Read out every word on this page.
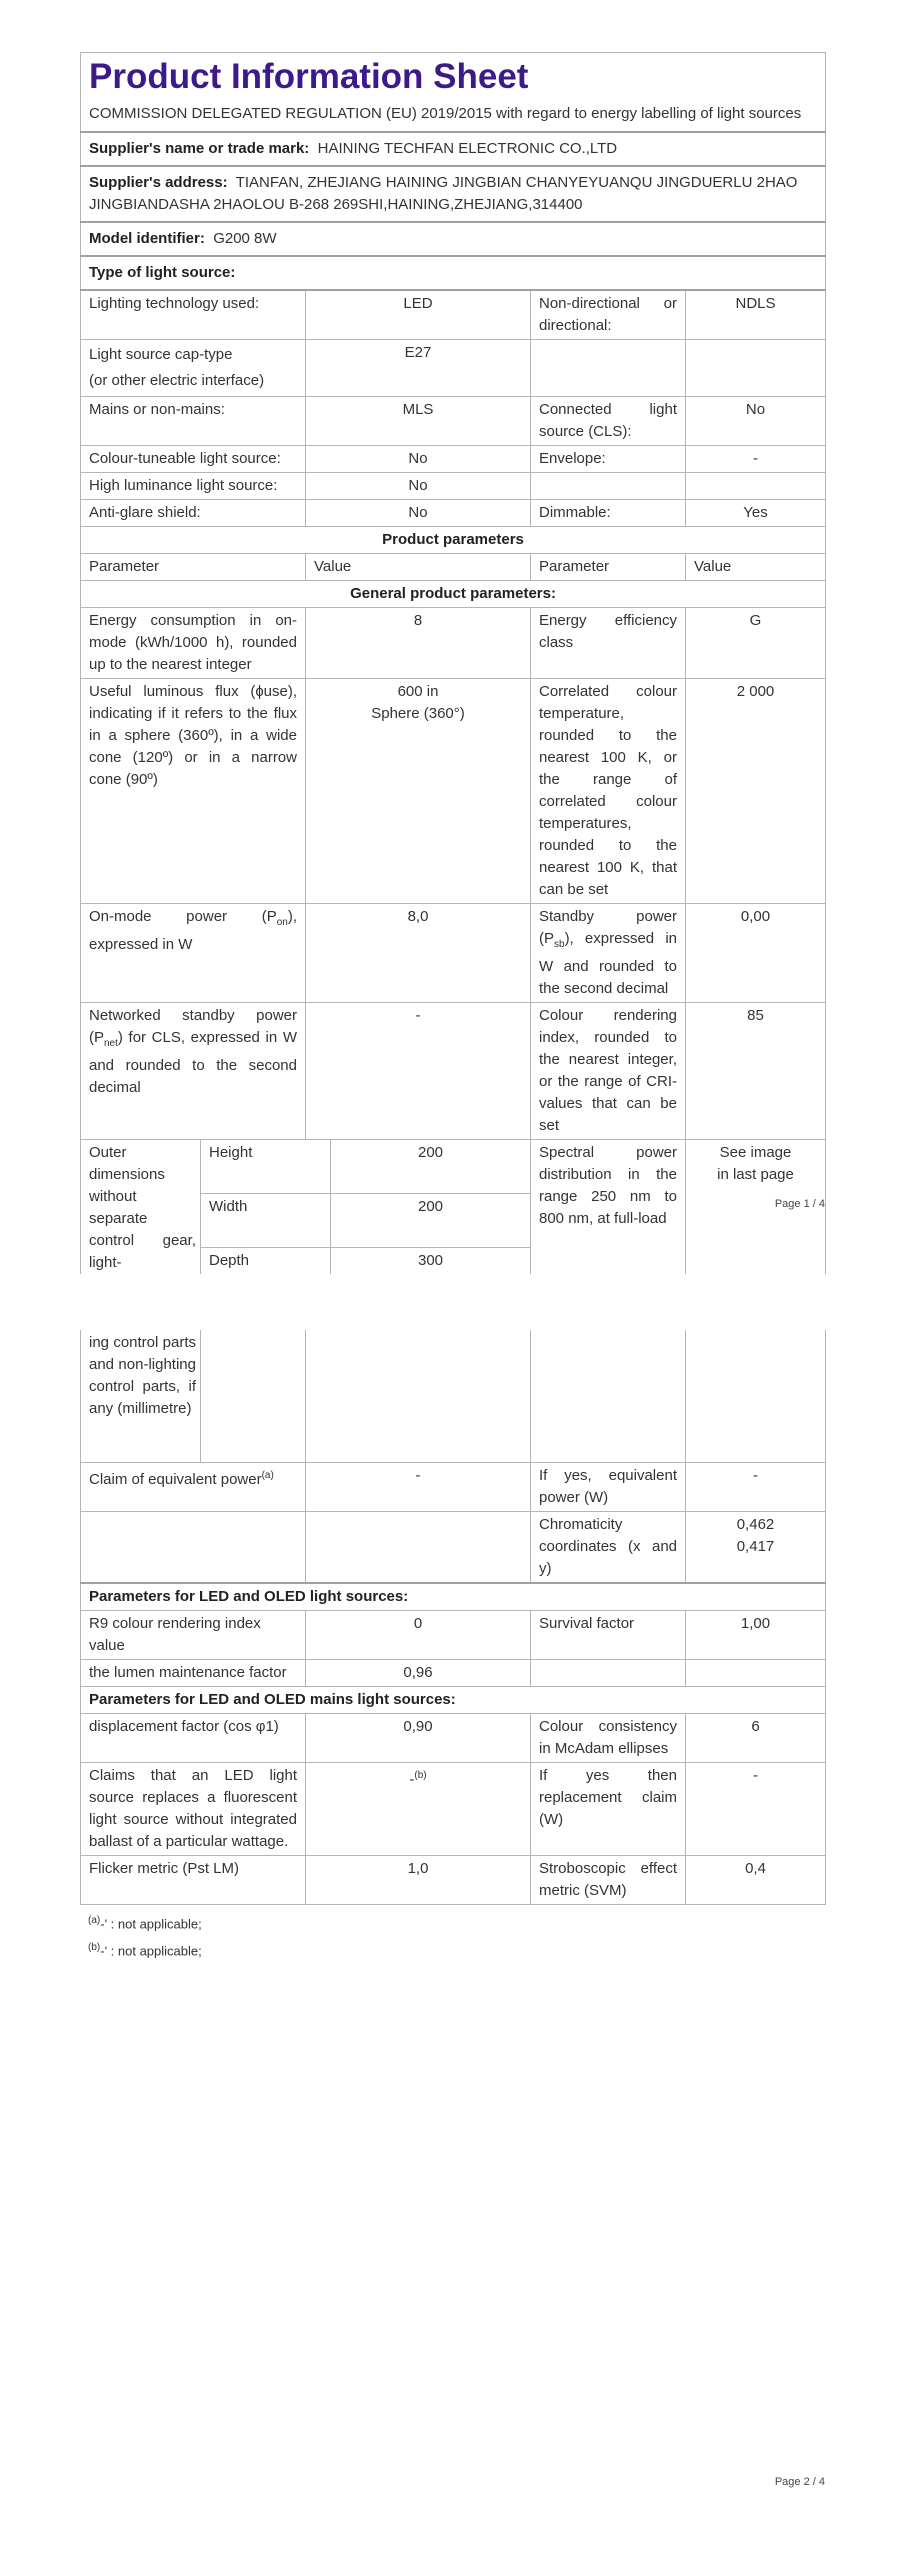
Product Information Sheet			
COMMISSION DELEGATED REGULATION (EU) 2019/2015 with regard to energy labelling of light sources			
Supplier's name or trade mark: HAINING TECHFAN ELECTRONIC CO.,LTD			
Supplier's address: TIANFAN, ZHEJIANG HAINING JINGBIAN CHANYEYUANQU JINGDUERLU 2HAO JINGBIANDASHA 2HAOLOU B-268 269SHI,HAINING,ZHEJIANG,314400			
Model identifier: G200 8W			
Type of light source:			
Lighting technology used:	LED	Non-directional or directional:	NDLS

Light source cap-type
(or other electric interface)	E27		
Mains or non-mains:	MLS	Connected light source (CLS):	No
Colour-tuneable light source:	No	Envelope:	-
High luminance light source:	No		
Anti-glare shield:	No	Dimmable:	Yes
Product parameters			
Parameter	Value	Parameter	Value
General product parameters:			
Energy consumption in on-mode (kWh/1000 h), rounded up to the nearest integer	8	Energy efficiency class	G
Useful luminous flux (ɸuse), indicating if it refers to the flux in a sphere (360º), in a wide cone (120º) or in a narrow cone (90º)	600 in
Sphere (360°)	Correlated colour temperature, rounded to the nearest 100 K, or the range of correlated colour temperatures, rounded to the nearest 100 K, that can be set	2 000
On-mode power $(P_{on})$, expressed in W	8,0	Standby power $(P_{sb})$, expressed in W and rounded to the second decimal	0,00
Networked standby power $(P_{net})$ for CLS, expressed in W and rounded to the second decimal	-	Colour rendering index, rounded to the nearest integer, or the range of CRI-values that can be set	85
Outer dimensions without separate control gear, light-	Height	200	Spectral power distribution in the range 250 nm to 800 nm, at full-load	See image
in last page

	Width	200		
	Depth	300		
Page 1 / 4
ing control parts and non-lighting control parts, if any (millimetre)				
Claim of equivalent power$^{(a)}$	-	If yes, equivalent power (W)	-
		Chromaticity coordinates (x and y)	0,462
0,417

Parameters for LED and OLED light sources:			
R9 colour rendering index value	0	Survival factor	1,00
the lumen maintenance factor	0,96		
Parameters for LED and OLED mains light sources:			
displacement factor (cos φ1)	0,90	Colour consistency in McAdam ellipses	6
Claims that an LED light source replaces a fluorescent light source without integrated ballast of a particular wattage.	-$^{(b)}$	If yes then replacement claim (W)	-
Flicker metric (Pst LM)	1,0	Stroboscopic effect metric (SVM)	0,4
$^{(a)}$-' : not applicable;
$^{(b)}$-' : not applicable;
Page 2 / 4
